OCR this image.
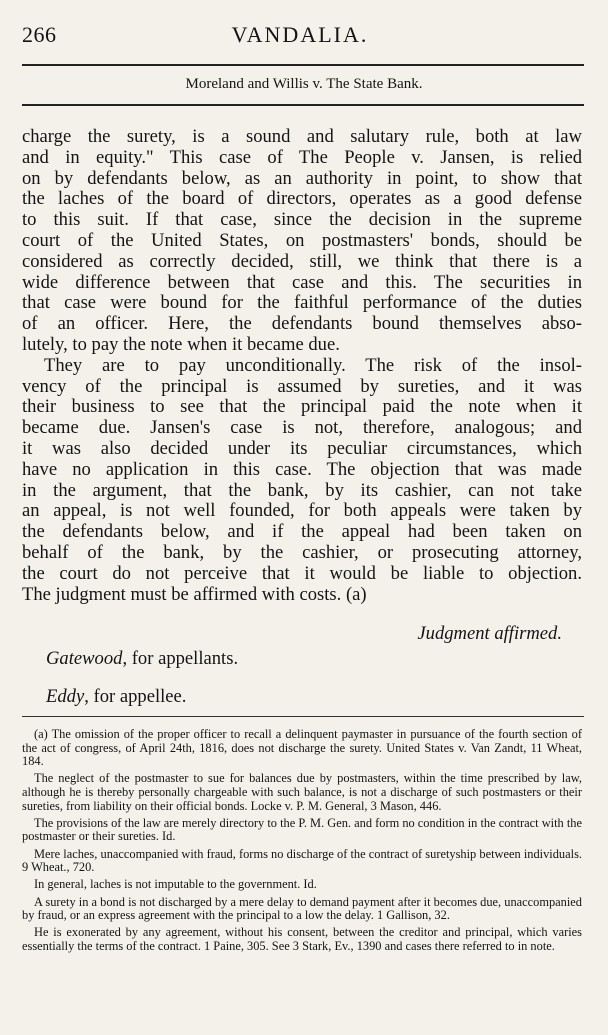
266	VANDALIA.
Moreland and Willis v. The State Bank.

charge the surety, is a sound and salutary rule, both at law
and in equity." This case of The People v. Jansen, is relied
on by defendants below, as an authority in point, to show that
the laches of the board of directors, operates as a good defense
to this suit. If that case, since the decision in the supreme
court of the United States, on postmasters' bonds, should be
considered as correctly decided, still, we think that there is a
wide difference between that case and this. The securities in
that case were bound for the faithful performance of the duties
of an officer. Here, the defendants bound themselves abso-
lutely, to pay the note when it became due.

They are to pay unconditionally. The risk of the insol-
vency of the principal is assumed by sureties, and it was
their business to see that the principal paid the note when it
became due. Jansen's case is not, therefore, analogous; and
it was also decided under its peculiar circumstances, which
have no application in this case. The objection that was made
in the argument, that the bank, by its cashier, can not take
an appeal, is not well founded, for both appeals were taken by
the defendants below, and if the appeal had been taken on
behalf of the bank, by the cashier, or prosecuting attorney,
the court do not perceive that it would be liable to objection.
The judgment must be affirmed with costs. (a)

Judgment affirmed.
Gatewood, for appellants.
Eddy, for appellee.

(a) The omission of the proper officer to recall a delinquent paymaster in pursuance of the fourth section of the act of congress, of April 24th, 1816, does not discharge the surety. United States v. Van Zandt, 11 Wheat, 184.

The neglect of the postmaster to sue for balances due by postmasters, within the time prescribed by law, although he is thereby personally chargeable with such balance, is not a discharge of such postmasters or their sureties, from liability on their official bonds. Locke v. P. M. General, 3 Mason, 446.

The provisions of the law are merely directory to the P. M. Gen. and form no condition in the contract with the postmaster or their sureties. Id.

Mere laches, unaccompanied with fraud, forms no discharge of the contract of suretyship between individuals. 9 Wheat., 720.

In general, laches is not imputable to the government. Id.

A surety in a bond is not discharged by a mere delay to demand payment after it becomes due, unaccompanied by fraud, or an express agreement with the principal to a low the delay. 1 Gallison, 32.

He is exonerated by any agreement, without his consent, between the creditor and principal, which varies essentially the terms of the contract. 1 Paine, 305. See 3 Stark, Ev., 1390 and cases there referred to in note.
